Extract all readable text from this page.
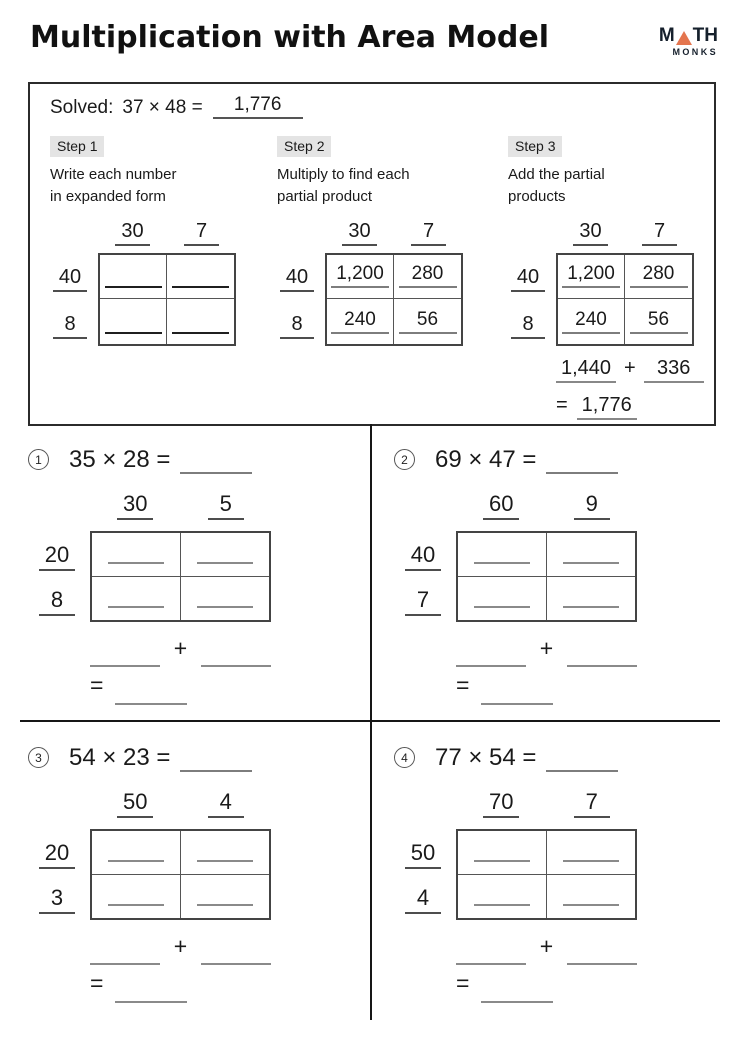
Multiplication with Area Model	M TH
MONKS
Solved: 37 × 48 =	1,776
Step 1

Write each number
in expanded form

30	7
40
8
Step 2

Multiply to find each
partial product

30	7
40
8
1,200	280
240	56
Step 3

Add the partial
products

30	7
40
8
1,200	280
240	56
1,440 +	336
= 1,776
1 35 × 28 =
30	5
20
8
+
=
2 69 × 47 =
60	9
40
7
+
=
3 54 × 23 =
50	4
20
3
+
=
4 77 × 54 =
70	7
50
4
+
=
